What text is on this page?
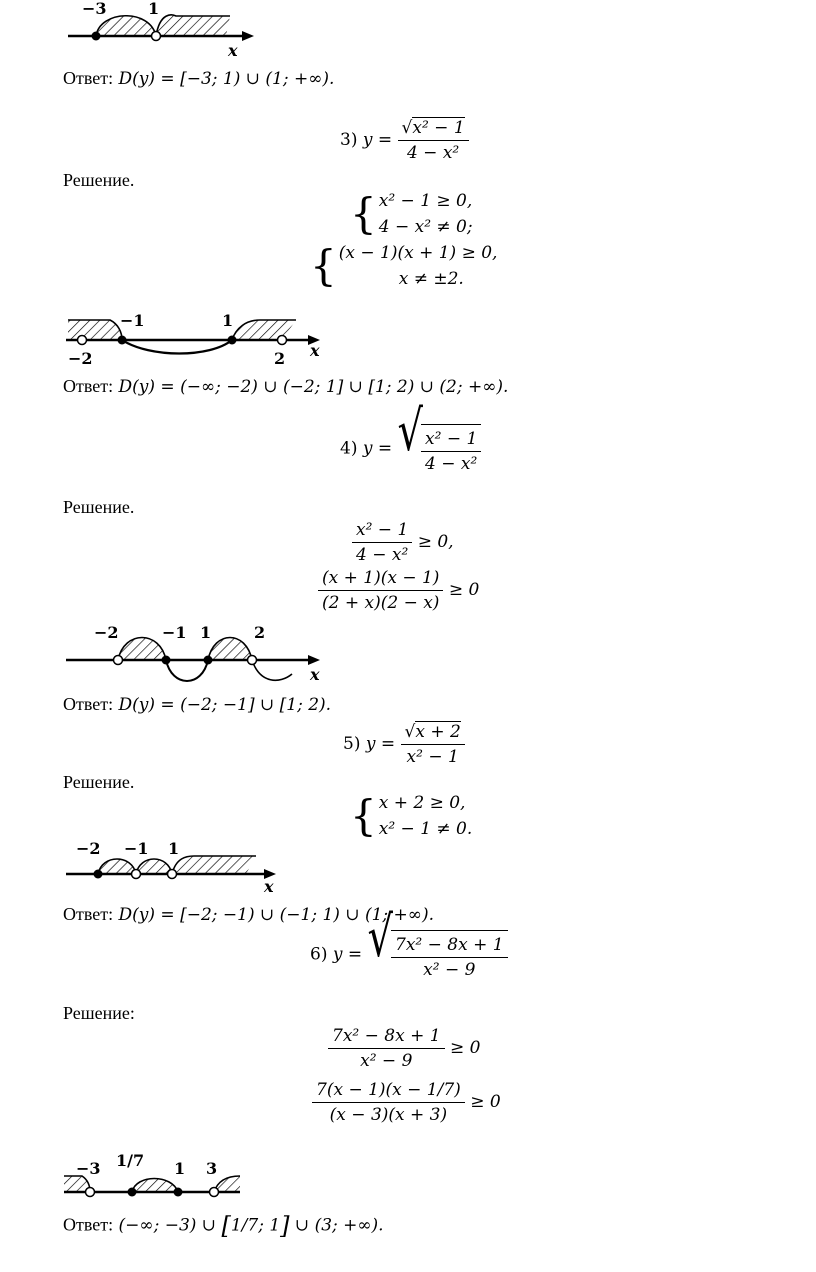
−3	1
x
Ответ: D(y) = [−3; 1) ∪ (1; +∞).
3) $y = \frac{\text{√x² − 1}}{\text{4 − x²}}$
Решение.
{ x² − 1 ≥ 0,
4 − x² ≠ 0;
{ (x − 1)(x + 1) ≥ 0,
x ≠ ±2.
−1	1
−2	2 x
Ответ: D(y) = (−∞; −2) ∪ (−2; 1] ∪ [1; 2) ∪ (2; +∞).
4) y = √
$\frac{\text{x² − 1}}{\text{4 − x²}}$
Решение.
$\frac{\text{x² − 1}}{\text{4 − x²}} \ge 0$,
$\frac{(x + 1)(x - 1)}{(2 + x)(2 - x)} \ge 0$
−2	−1 1	2
x
Ответ: D(y) = (−2; −1] ∪ [1; 2).
5) $y = \frac{√x + 2}{\text{x² − 1}}$
Решение.
{ x + 2 ≥ 0,
x² − 1 ≠ 0.
−2 −1 1
x
Ответ: D(y) = [−2; −1) ∪ (−1; 1) ∪ (1; +∞).
6) y = √
$\frac{\text{7x² − 8x + 1}}{\text{x² − 9}}$
Решение:
$\frac{\text{7x² − 8x + 1}}{\text{x² − 9}} \ge 0$
$\frac{7(x - 1)(x - 1/7)}{(x - 3)(x + 3)} \ge 0$
−3 1/7 1 3
Ответ: (−∞; −3) ∪ [1/7; 1] ∪ (3; +∞).
